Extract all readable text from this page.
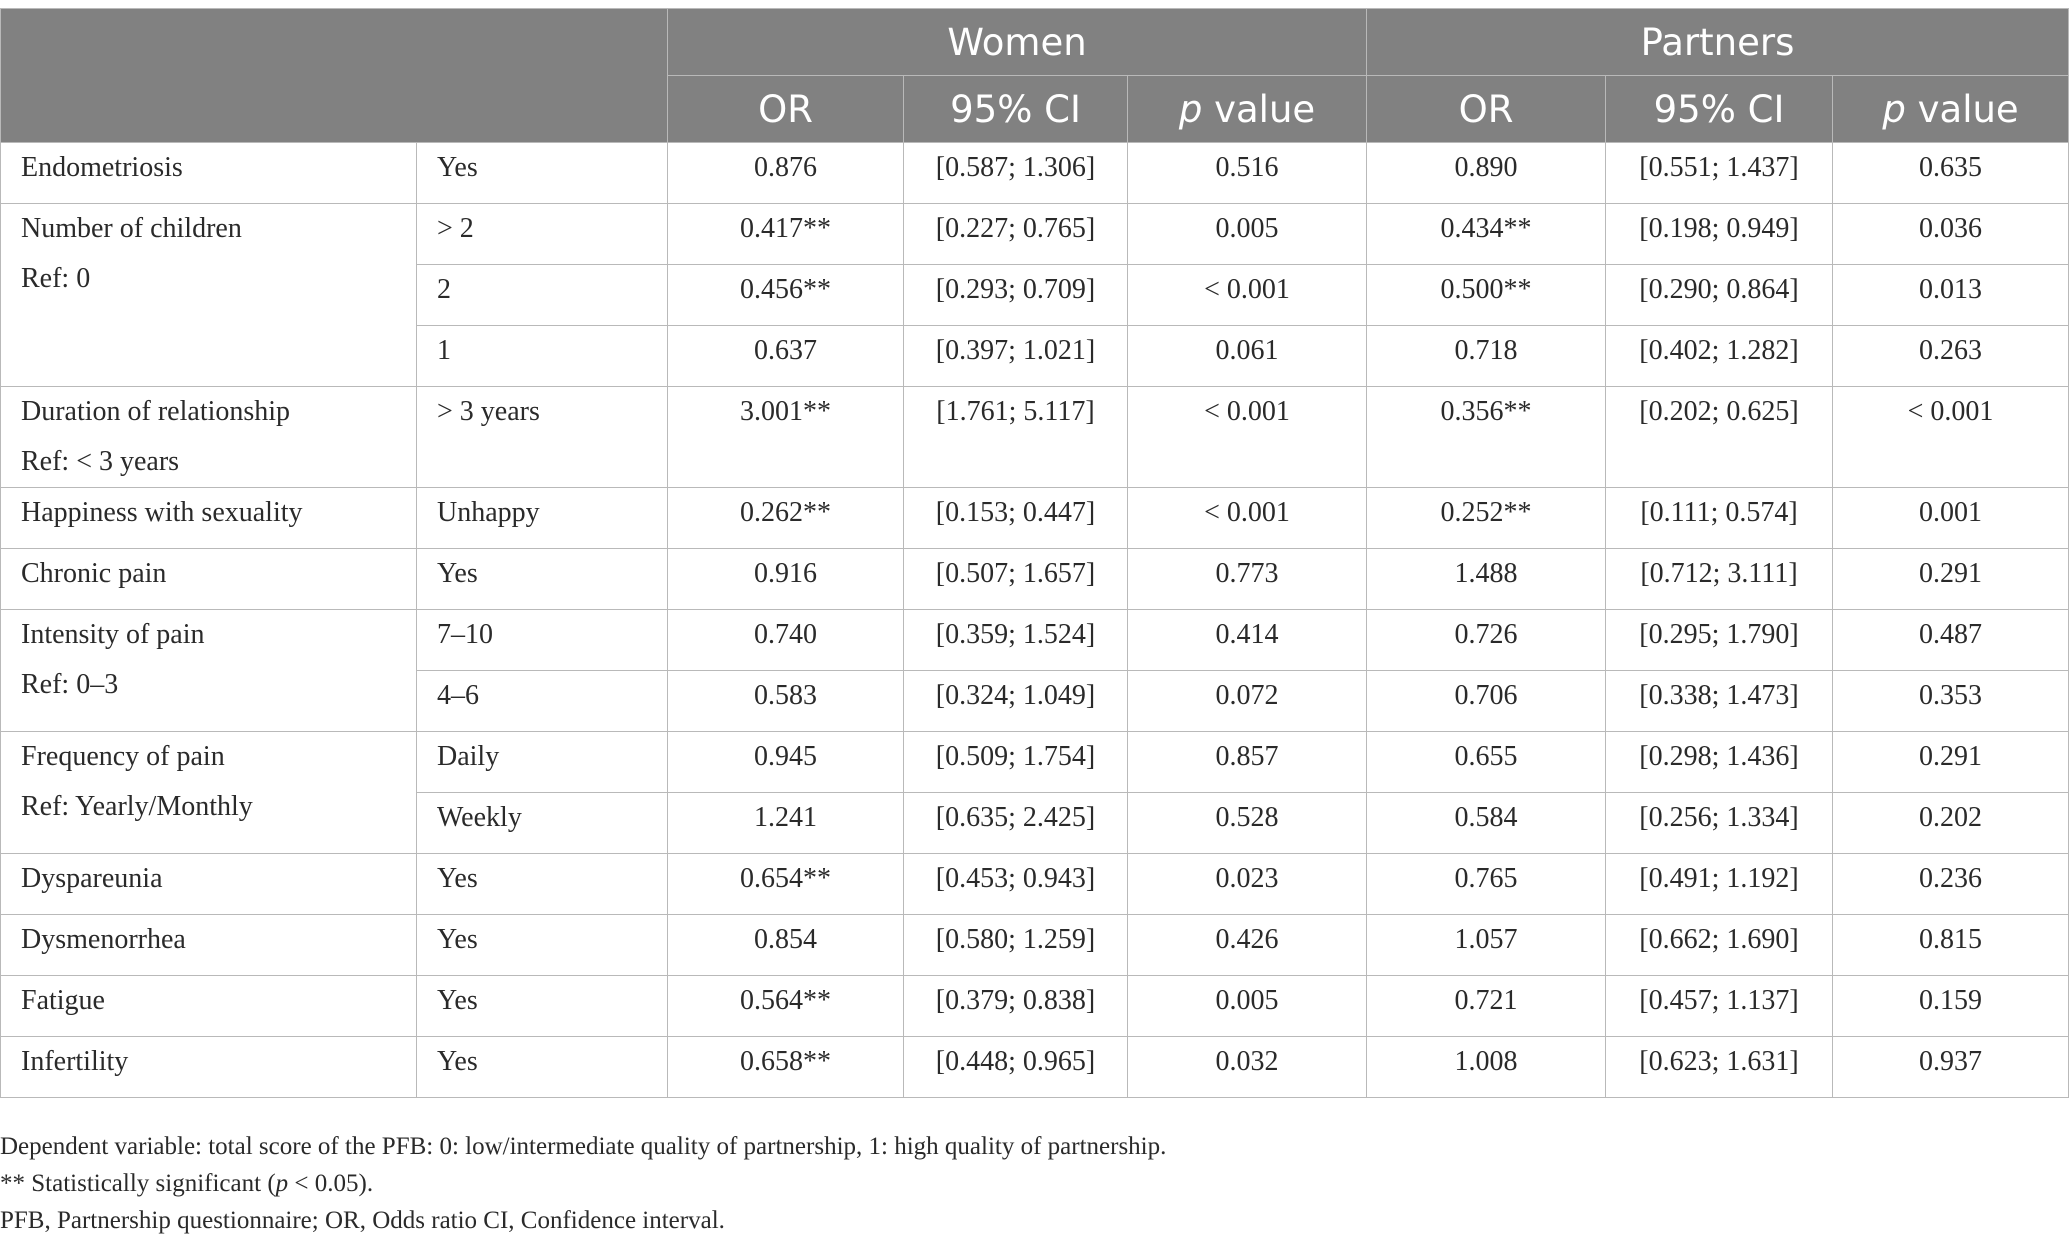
		Women			Partners		
		OR	95% CI	p value	OR	95% CI	p value
Endometriosis	Yes	0.876	[0.587; 1.306]	0.516	0.890	[0.551; 1.437]	0.635
Number of children
Ref: 0	> 2	0.417**	[0.227; 0.765]	0.005	0.434**	[0.198; 0.949]	0.036
	2	0.456**	[0.293; 0.709]	< 0.001	0.500**	[0.290; 0.864]	0.013
	1	0.637	[0.397; 1.021]	0.061	0.718	[0.402; 1.282]	0.263
Duration of relationship
Ref: < 3 years	> 3 years	3.001**	[1.761; 5.117]	< 0.001	0.356**	[0.202; 0.625]	< 0.001
Happiness with sexuality	Unhappy	0.262**	[0.153; 0.447]	< 0.001	0.252**	[0.111; 0.574]	0.001
Chronic pain	Yes	0.916	[0.507; 1.657]	0.773	1.488	[0.712; 3.111]	0.291
Intensity of pain
Ref: 0–3	7–10	0.740	[0.359; 1.524]	0.414	0.726	[0.295; 1.790]	0.487
	4–6	0.583	[0.324; 1.049]	0.072	0.706	[0.338; 1.473]	0.353
Frequency of pain
Ref: Yearly/Monthly	Daily	0.945	[0.509; 1.754]	0.857	0.655	[0.298; 1.436]	0.291
	Weekly	1.241	[0.635; 2.425]	0.528	0.584	[0.256; 1.334]	0.202
Dyspareunia	Yes	0.654**	[0.453; 0.943]	0.023	0.765	[0.491; 1.192]	0.236
Dysmenorrhea	Yes	0.854	[0.580; 1.259]	0.426	1.057	[0.662; 1.690]	0.815
Fatigue	Yes	0.564**	[0.379; 0.838]	0.005	0.721	[0.457; 1.137]	0.159
Infertility	Yes	0.658**	[0.448; 0.965]	0.032	1.008	[0.623; 1.631]	0.937

Dependent variable: total score of the PFB: 0: low/intermediate quality of partnership, 1: high quality of partnership.

** Statistically significant (p < 0.05).

PFB, Partnership questionnaire; OR, Odds ratio CI, Confidence interval.
